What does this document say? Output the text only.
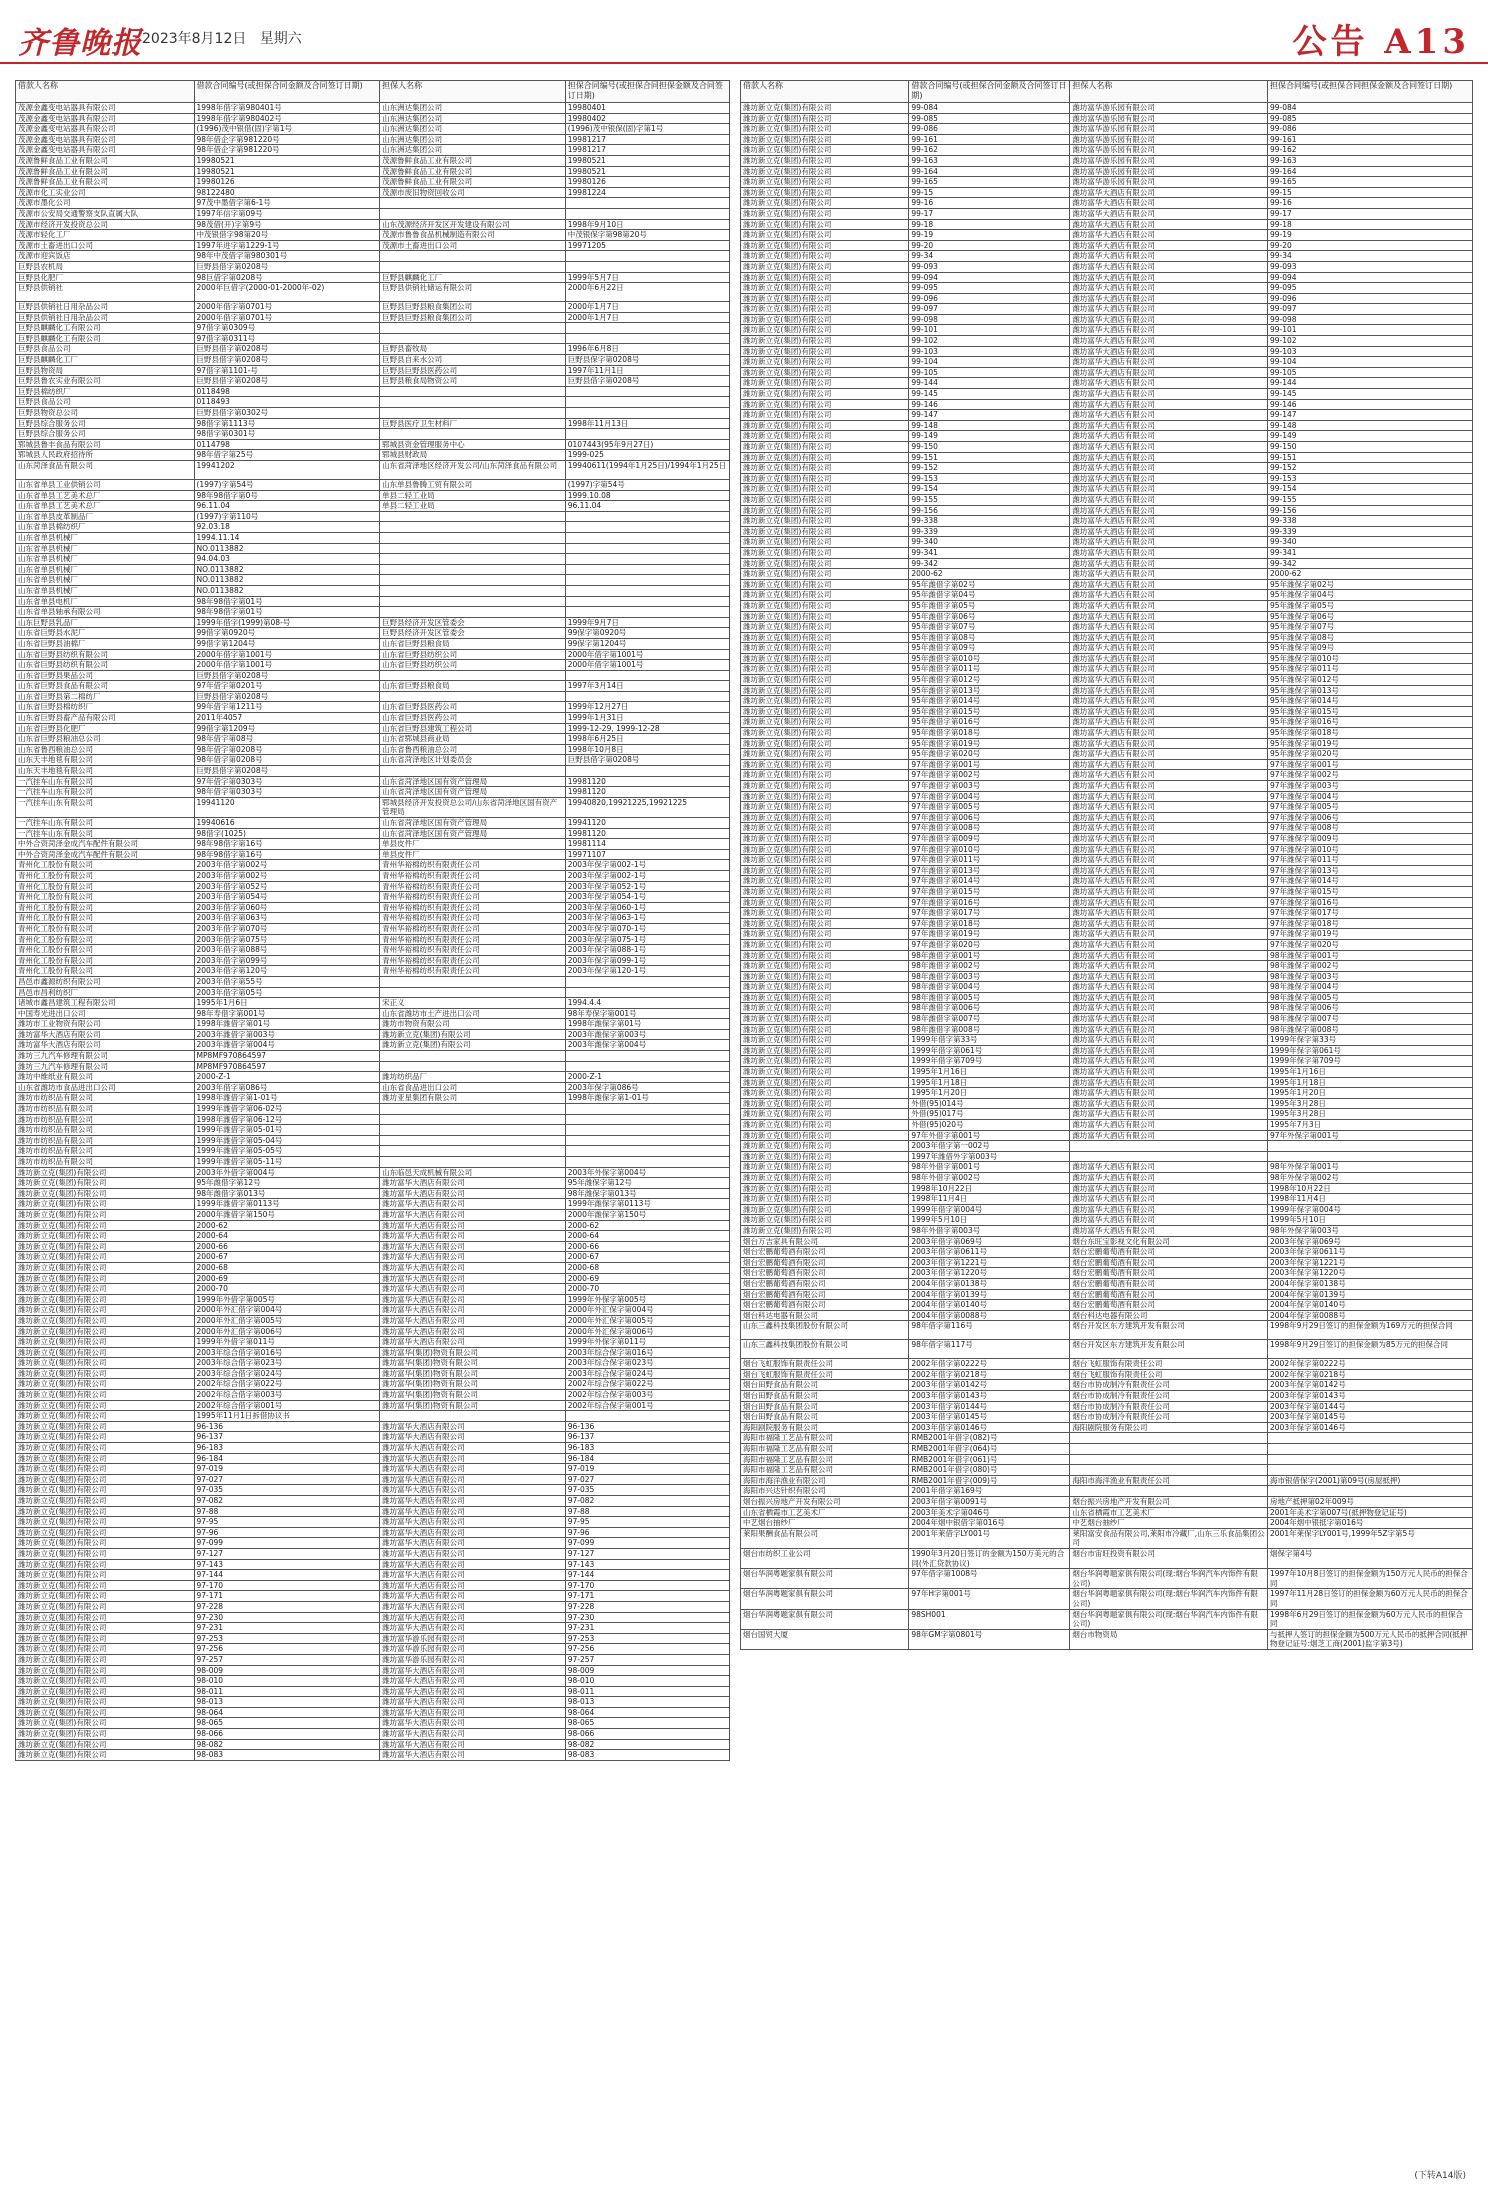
齐鲁晚报 2023年8月12日 星期六	公告 A13
借款人名称	借款合同编号(或担保合同金额及合同签订日期)	担保人名称	担保合同编号(或担保合同担保金额及合同签订日期)
茂源金鑫变电站器具有限公司	1998年借字第980401号	山东洲达集团公司	19980401
茂源金鑫变电站器具有限公司	1998年借字第980402号	山东洲达集团公司	19980402
茂源金鑫变电站器具有限公司	(1996)茂中银借(固)字第1号	山东洲达集团公司	(1996)茂中银保(固)字第1号
茂源金鑫变电站器具有限公司	98年借企字第981220号	山东洲达集团公司	19981217
茂源金鑫变电站器具有限公司	98年借企字第981220号	山东洲达集团公司	19981217
茂源鲁鲜食品工业有限公司	19980521	茂源鲁鲜食品工业有限公司	19980521
茂源鲁鲜食品工业有限公司	19980521	茂源鲁鲜食品工业有限公司	19980521
茂源鲁鲜食品工业有限公司	19980126	茂源鲁鲜食品工业有限公司	19980126
茂源市化工实业公司	98122480	茂源市废旧物资回收公司	19981224
茂源市墨化公司	97茂中墨借字第6-1号		
茂源市公安局交通警察支队直属大队	1997年信字第09号		
茂源市经济开发投资总公司	98茂借(开)字第9号	山东茂源经济开发区开发建设有限公司	1998年9月10日
茂源市轻化工厂	中茂银借字98第20号	茂源市鲁鲁食品机械制造有限公司	中茂银保字第98第20号
茂源市土畜进出口公司	1997年进字第1229-1号	茂源市土畜进出口公司	19971205
茂源市迎宾饭店	98年中茂借字第980301号		
巨野县农机局	巨野县借字第0208号		
巨野县化肥厂	98巨借字第0208号	巨野县麒麟化工厂	1999年5月7日
巨野县供销社	2000年巨借字(2000-01-2000年-02)	巨野县供销社储运有限公司	2000年6月22日
巨野县供销社日用杂品公司	2000年借字第0701号	巨野县巨野县粮食集团公司	2000年1月7日
巨野县供销社日用杂品公司	2000年借字第0701号	巨野县巨野县粮食集团公司	2000年1月7日
巨野县麒麟化工有限公司	97借字第0309号		
巨野县麒麟化工有限公司	97借字第0311号		
巨野县食品公司	巨野县借字第0208号	巨野县畜牧局	1996年6月8日
巨野县麒麟化工厂	巨野县借字第0208号	巨野县自来水公司	巨野县保字第0208号
巨野县物资局	97借字第1101-号	巨野县巨野县医药公司	1997年11月1日
巨野县鲁农实业有限公司	巨野县借字第0208号	巨野县粮食局物资公司	巨野县借字第0208号
巨野县棉纺织厂	0118498		
巨野县食品公司	0118493		
巨野县物资总公司	巨野县借字第0302号		
巨野县综合服务公司	98借字第1113号	巨野县医疗卫生材料厂	1998年11月13日
巨野县综合服务公司	98借字第0301号		
郓城县鲁丰食品有限公司	0114798	郓城县资金管理服务中心	0107443(95年9月27日)
郓城县人民政府招待所	98年借字第25号	郓城县财政局	1999-025
山东菏泽食品有限公司	19941202	山东省菏泽地区经济开发公司/山东菏泽食品有限公司	19940611(1994年1月25日)/1994年1月25日
山东省单县工业供销公司	(1997)字第54号	山东单县鲁腾工贸有限公司	(1997)字第54号
山东省单县工艺美术总厂	98年98借字第0号	单县二轻工业局	1999.10.08
山东省单县工艺美术总厂	96.11.04	单县二轻工业局	96.11.04
山东省单县皮革制品厂	(1997)字第110号		
山东省单县棉纺织厂	92.03.18		
山东省单县机械厂	1994.11.14		
山东省单县机械厂	NO.0113882		
山东省单县机械厂	94.04.03		
山东省单县机械厂	NO.0113882		
山东省单县机械厂	NO.0113882		
山东省单县机械厂	NO.0113882		
山东省单县电机厂	98年98借字第01号		
山东省单县轴承有限公司	98年98借字第01号		
山东巨野县乳品厂	1999年借字(1999)第08-号	巨野县经济开发区管委会	1999年9月7日
山东省巨野县水泥厂	99借字第0920号	巨野县经济开发区管委会	99保字第0920号
山东省巨野县油棉厂	99借字第1204号	山东省巨野县粮食局	99保字第1204号
山东省巨野县纺织有限公司	2000年借字第1001号	山东省巨野县纺织公司	2000年借字第1001号
山东省巨野县纺织有限公司	2000年借字第1001号	山东省巨野县纺织公司	2000年借字第1001号
山东省巨野县果品公司	巨野县借字第0208号		
山东省巨野县食品有限公司	97年借字第0201号	山东省巨野县粮食局	1997年3月14日
山东省巨野县第二棉纺厂	巨野县借字第0208号		
山东省巨野县棉纺织厂	99年借字第1211号	山东省巨野县医药公司	1999年12月27日
山东省巨野县畜产品有限公司	2011年4057	山东省巨野县医药公司	1999年1月31日
山东省巨野县化肥厂	99借字第1209号	山东省巨野县建筑工程公司	1999-12-29, 1999-12-28
山东省巨野县粮油总公司	98年借字第08号	山东省郓城县商业局	1998年6月25日
山东省鲁西粮油总公司	98年借字第0208号	山东省鲁西粮油总公司	1998年10月8日
山东天丰地毯有限公司	98年借字第0208号	山东省菏泽地区计划委员会	巨野县借字第0208号
山东天丰地毯有限公司	巨野县借字第0208号		
一汽挂车山东有限公司	97年借字第0303号	山东省菏泽地区国有资产管理局	19981120
一汽挂车山东有限公司	98年借字第0303号	山东省菏泽地区国有资产管理局	19981120
一汽挂车山东有限公司	19941120	郓城县经济开发投资总公司/山东省菏泽地区国有资产管理局	19940820,19921225,19921225
一汽挂车山东有限公司	19940616	山东省菏泽地区国有资产管理局	19941120
一汽挂车山东有限公司	98借字(1025)	山东省菏泽地区国有资产管理局	19981120
中外合资菏泽金成汽车配件有限公司	98年98借字第16号	单县皮件厂	19981114
中外合资菏泽金成汽车配件有限公司	98年98借字第16号	单县皮件厂	19971107
青州化工股份有限公司	2003年借字第002号	青州华裕棉纺织有限责任公司	2003年保字第002-1号
青州化工股份有限公司	2003年借字第002号	青州华裕棉纺织有限责任公司	2003年保字第002-1号
青州化工股份有限公司	2003年借字第052号	青州华裕棉纺织有限责任公司	2003年保字第052-1号
青州化工股份有限公司	2003年借字第054号	青州华裕棉纺织有限责任公司	2003年保字第054-1号
青州化工股份有限公司	2003年借字第060号	青州华裕棉纺织有限责任公司	2003年保字第060-1号
青州化工股份有限公司	2003年借字第063号	青州华裕棉纺织有限责任公司	2003年保字第063-1号
青州化工股份有限公司	2003年借字第070号	青州华裕棉纺织有限责任公司	2003年保字第070-1号
青州化工股份有限公司	2003年借字第075号	青州华裕棉纺织有限责任公司	2003年保字第075-1号
青州化工股份有限公司	2003年借字第088号	青州华裕棉纺织有限责任公司	2003年保字第088-1号
青州化工股份有限公司	2003年借字第099号	青州华裕棉纺织有限责任公司	2003年保字第099-1号
青州化工股份有限公司	2003年借字第120号	青州华裕棉纺织有限责任公司	2003年保字第120-1号
昌邑市鑫源纺织有限公司	2003年借字第55号		
昌邑市昌利纺织厂	2003年借字第05号		
诸城市鑫昌建筑工程有限公司	1995年1月6日	宋正义	1994.4.4
中国寿光进出口公司	98年寿借字第001号	山东省潍坊市土产进出口公司	98年寿保字第001号
潍坊市工业物资有限公司	1998年潍借字第01号	潍坊市物资有限公司	1998年潍保字第01号
潍坊富华大酒店有限公司	2003年潍借字第003号	潍坊新立克(集团)有限公司	2003年潍保字第003号
潍坊富华大酒店有限公司	2003年潍借字第004号	潍坊新立克(集团)有限公司	2003年潍保字第004号
潍坊三九汽车修理有限公司	MP8MF970864597		
潍坊三九汽车修理有限公司	MP8MF970864597		
潍坊中维纸业有限公司	2000-Z-1	潍坊纺织品厂	2000-Z-1
山东省潍坊市食品进出口公司	2003年借字第086号	山东省食品进出口公司	2003年保字第086号
潍坊市纺织品有限公司	1998年潍借字第1-01号	潍坊亚星集团有限公司	1998年潍保字第1-01号
潍坊市纺织品有限公司	1999年潍借字第06-02号		
潍坊市纺织品有限公司	1998年潍借字第06-12号		
潍坊市纺织品有限公司	1999年潍借字第05-01号		
潍坊市纺织品有限公司	1999年潍借字第05-04号		
潍坊市纺织品有限公司	1999年潍借字第05-05号		
潍坊市纺织品有限公司	1999年潍借字第05-11号		
潍坊新立克(集团)有限公司	2003年外借字第004号	山东临邑天成机械有限公司	2003年外保字第004号
潍坊新立克(集团)有限公司	95年潍借字第12号	潍坊富华大酒店有限公司	95年潍保字第12号
潍坊新立克(集团)有限公司	98年潍借字第013号	潍坊富华大酒店有限公司	98年潍保字第013号
潍坊新立克(集团)有限公司	1999年潍借字第0113号	潍坊富华大酒店有限公司	1999年潍保字第0113号
潍坊新立克(集团)有限公司	2000年潍借字第150号	潍坊富华大酒店有限公司	2000年潍保字第150号
潍坊新立克(集团)有限公司	2000-62	潍坊富华大酒店有限公司	2000-62
潍坊新立克(集团)有限公司	2000-64	潍坊富华大酒店有限公司	2000-64
潍坊新立克(集团)有限公司	2000-66	潍坊富华大酒店有限公司	2000-66
潍坊新立克(集团)有限公司	2000-67	潍坊富华大酒店有限公司	2000-67
潍坊新立克(集团)有限公司	2000-68	潍坊富华大酒店有限公司	2000-68
潍坊新立克(集团)有限公司	2000-69	潍坊富华大酒店有限公司	2000-69
潍坊新立克(集团)有限公司	2000-70	潍坊富华大酒店有限公司	2000-70
潍坊新立克(集团)有限公司	1999年外借字第005号	潍坊富华大酒店有限公司	1999年外保字第005号
潍坊新立克(集团)有限公司	2000年外汇借字第004号	潍坊富华大酒店有限公司	2000年外汇保字第004号
潍坊新立克(集团)有限公司	2000年外汇借字第005号	潍坊富华大酒店有限公司	2000年外汇保字第005号
潍坊新立克(集团)有限公司	2000年外汇借字第006号	潍坊富华大酒店有限公司	2000年外汇保字第006号
潍坊新立克(集团)有限公司	1999年外借字第011号	潍坊富华大酒店有限公司	1999年外保字第011号
潍坊新立克(集团)有限公司	2003年综合借字第016号	潍坊富华(集团)物资有限公司	2003年综合保字第016号
潍坊新立克(集团)有限公司	2003年综合借字第023号	潍坊富华(集团)物资有限公司	2003年综合保字第023号
潍坊新立克(集团)有限公司	2003年综合借字第024号	潍坊富华(集团)物资有限公司	2003年综合保字第024号
潍坊新立克(集团)有限公司	2002年综合借字第022号	潍坊富华(集团)物资有限公司	2002年综合保字第022号
潍坊新立克(集团)有限公司	2002年综合借字第003号	潍坊富华(集团)物资有限公司	2002年综合保字第003号
潍坊新立克(集团)有限公司	2002年综合借字第001号	潍坊富华(集团)物资有限公司	2002年综合保字第001号
潍坊新立克(集团)有限公司	1995年11月1日拆借协议书		
潍坊新立克(集团)有限公司	96-136	潍坊富华大酒店有限公司	96-136
潍坊新立克(集团)有限公司	96-137	潍坊富华大酒店有限公司	96-137
潍坊新立克(集团)有限公司	96-183	潍坊富华大酒店有限公司	96-183
潍坊新立克(集团)有限公司	96-184	潍坊富华大酒店有限公司	96-184
潍坊新立克(集团)有限公司	97-019	潍坊富华大酒店有限公司	97-019
潍坊新立克(集团)有限公司	97-027	潍坊富华大酒店有限公司	97-027
潍坊新立克(集团)有限公司	97-035	潍坊富华大酒店有限公司	97-035
潍坊新立克(集团)有限公司	97-082	潍坊富华大酒店有限公司	97-082
潍坊新立克(集团)有限公司	97-88	潍坊富华大酒店有限公司	97-88
潍坊新立克(集团)有限公司	97-95	潍坊富华大酒店有限公司	97-95
潍坊新立克(集团)有限公司	97-96	潍坊富华大酒店有限公司	97-96
潍坊新立克(集团)有限公司	97-099	潍坊富华大酒店有限公司	97-099
潍坊新立克(集团)有限公司	97-127	潍坊富华大酒店有限公司	97-127
潍坊新立克(集团)有限公司	97-143	潍坊富华大酒店有限公司	97-143
潍坊新立克(集团)有限公司	97-144	潍坊富华大酒店有限公司	97-144
潍坊新立克(集团)有限公司	97-170	潍坊富华大酒店有限公司	97-170
潍坊新立克(集团)有限公司	97-171	潍坊富华大酒店有限公司	97-171
潍坊新立克(集团)有限公司	97-228	潍坊富华大酒店有限公司	97-228
潍坊新立克(集团)有限公司	97-230	潍坊富华大酒店有限公司	97-230
潍坊新立克(集团)有限公司	97-231	潍坊富华大酒店有限公司	97-231
潍坊新立克(集团)有限公司	97-253	潍坊富华游乐园有限公司	97-253
潍坊新立克(集团)有限公司	97-256	潍坊富华游乐园有限公司	97-256
潍坊新立克(集团)有限公司	97-257	潍坊富华游乐园有限公司	97-257
潍坊新立克(集团)有限公司	98-009	潍坊富华大酒店有限公司	98-009
潍坊新立克(集团)有限公司	98-010	潍坊富华大酒店有限公司	98-010
潍坊新立克(集团)有限公司	98-011	潍坊富华大酒店有限公司	98-011
潍坊新立克(集团)有限公司	98-013	潍坊富华大酒店有限公司	98-013
潍坊新立克(集团)有限公司	98-064	潍坊富华大酒店有限公司	98-064
潍坊新立克(集团)有限公司	98-065	潍坊富华大酒店有限公司	98-065
潍坊新立克(集团)有限公司	98-066	潍坊富华大酒店有限公司	98-066
潍坊新立克(集团)有限公司	98-082	潍坊富华大酒店有限公司	98-082
潍坊新立克(集团)有限公司	98-083	潍坊富华大酒店有限公司	98-083
借款人名称	借款合同编号(或担保合同金额及合同签订日期)	担保人名称	担保合同编号(或担保合同担保金额及合同签订日期)
潍坊新立克(集团)有限公司	99-084	潍坊富华游乐园有限公司	99-084
潍坊新立克(集团)有限公司	99-085	潍坊富华游乐园有限公司	99-085
潍坊新立克(集团)有限公司	99-086	潍坊富华游乐园有限公司	99-086
潍坊新立克(集团)有限公司	99-161	潍坊富华游乐园有限公司	99-161
潍坊新立克(集团)有限公司	99-162	潍坊富华游乐园有限公司	99-162
潍坊新立克(集团)有限公司	99-163	潍坊富华游乐园有限公司	99-163
潍坊新立克(集团)有限公司	99-164	潍坊富华游乐园有限公司	99-164
潍坊新立克(集团)有限公司	99-165	潍坊富华游乐园有限公司	99-165
潍坊新立克(集团)有限公司	99-15	潍坊富华大酒店有限公司	99-15
潍坊新立克(集团)有限公司	99-16	潍坊富华大酒店有限公司	99-16
潍坊新立克(集团)有限公司	99-17	潍坊富华大酒店有限公司	99-17
潍坊新立克(集团)有限公司	99-18	潍坊富华大酒店有限公司	99-18
潍坊新立克(集团)有限公司	99-19	潍坊富华大酒店有限公司	99-19
潍坊新立克(集团)有限公司	99-20	潍坊富华大酒店有限公司	99-20
潍坊新立克(集团)有限公司	99-34	潍坊富华大酒店有限公司	99-34
潍坊新立克(集团)有限公司	99-093	潍坊富华大酒店有限公司	99-093
潍坊新立克(集团)有限公司	99-094	潍坊富华大酒店有限公司	99-094
潍坊新立克(集团)有限公司	99-095	潍坊富华大酒店有限公司	99-095
潍坊新立克(集团)有限公司	99-096	潍坊富华大酒店有限公司	99-096
潍坊新立克(集团)有限公司	99-097	潍坊富华大酒店有限公司	99-097
潍坊新立克(集团)有限公司	99-098	潍坊富华大酒店有限公司	99-098
潍坊新立克(集团)有限公司	99-101	潍坊富华大酒店有限公司	99-101
潍坊新立克(集团)有限公司	99-102	潍坊富华大酒店有限公司	99-102
潍坊新立克(集团)有限公司	99-103	潍坊富华大酒店有限公司	99-103
潍坊新立克(集团)有限公司	99-104	潍坊富华大酒店有限公司	99-104
潍坊新立克(集团)有限公司	99-105	潍坊富华大酒店有限公司	99-105
潍坊新立克(集团)有限公司	99-144	潍坊富华大酒店有限公司	99-144
潍坊新立克(集团)有限公司	99-145	潍坊富华大酒店有限公司	99-145
潍坊新立克(集团)有限公司	99-146	潍坊富华大酒店有限公司	99-146
潍坊新立克(集团)有限公司	99-147	潍坊富华大酒店有限公司	99-147
潍坊新立克(集团)有限公司	99-148	潍坊富华大酒店有限公司	99-148
潍坊新立克(集团)有限公司	99-149	潍坊富华大酒店有限公司	99-149
潍坊新立克(集团)有限公司	99-150	潍坊富华大酒店有限公司	99-150
潍坊新立克(集团)有限公司	99-151	潍坊富华大酒店有限公司	99-151
潍坊新立克(集团)有限公司	99-152	潍坊富华大酒店有限公司	99-152
潍坊新立克(集团)有限公司	99-153	潍坊富华大酒店有限公司	99-153
潍坊新立克(集团)有限公司	99-154	潍坊富华大酒店有限公司	99-154
潍坊新立克(集团)有限公司	99-155	潍坊富华大酒店有限公司	99-155
潍坊新立克(集团)有限公司	99-156	潍坊富华大酒店有限公司	99-156
潍坊新立克(集团)有限公司	99-338	潍坊富华大酒店有限公司	99-338
潍坊新立克(集团)有限公司	99-339	潍坊富华大酒店有限公司	99-339
潍坊新立克(集团)有限公司	99-340	潍坊富华大酒店有限公司	99-340
潍坊新立克(集团)有限公司	99-341	潍坊富华大酒店有限公司	99-341
潍坊新立克(集团)有限公司	99-342	潍坊富华大酒店有限公司	99-342
潍坊新立克(集团)有限公司	2000-62	潍坊富华大酒店有限公司	2000-62
潍坊新立克(集团)有限公司	95年潍借字第02号	潍坊富华大酒店有限公司	95年潍保字第02号
潍坊新立克(集团)有限公司	95年潍借字第04号	潍坊富华大酒店有限公司	95年潍保字第04号
潍坊新立克(集团)有限公司	95年潍借字第05号	潍坊富华大酒店有限公司	95年潍保字第05号
潍坊新立克(集团)有限公司	95年潍借字第06号	潍坊富华大酒店有限公司	95年潍保字第06号
潍坊新立克(集团)有限公司	95年潍借字第07号	潍坊富华大酒店有限公司	95年潍保字第07号
潍坊新立克(集团)有限公司	95年潍借字第08号	潍坊富华大酒店有限公司	95年潍保字第08号
潍坊新立克(集团)有限公司	95年潍借字第09号	潍坊富华大酒店有限公司	95年潍保字第09号
潍坊新立克(集团)有限公司	95年潍借字第010号	潍坊富华大酒店有限公司	95年潍保字第010号
潍坊新立克(集团)有限公司	95年潍借字第011号	潍坊富华大酒店有限公司	95年潍保字第011号
潍坊新立克(集团)有限公司	95年潍借字第012号	潍坊富华大酒店有限公司	95年潍保字第012号
潍坊新立克(集团)有限公司	95年潍借字第013号	潍坊富华大酒店有限公司	95年潍保字第013号
潍坊新立克(集团)有限公司	95年潍借字第014号	潍坊富华大酒店有限公司	95年潍保字第014号
潍坊新立克(集团)有限公司	95年潍借字第015号	潍坊富华大酒店有限公司	95年潍保字第015号
潍坊新立克(集团)有限公司	95年潍借字第016号	潍坊富华大酒店有限公司	95年潍保字第016号
潍坊新立克(集团)有限公司	95年潍借字第018号	潍坊富华大酒店有限公司	95年潍保字第018号
潍坊新立克(集团)有限公司	95年潍借字第019号	潍坊富华大酒店有限公司	95年潍保字第019号
潍坊新立克(集团)有限公司	95年潍借字第020号	潍坊富华大酒店有限公司	95年潍保字第020号
潍坊新立克(集团)有限公司	97年潍借字第001号	潍坊富华大酒店有限公司	97年潍保字第001号
潍坊新立克(集团)有限公司	97年潍借字第002号	潍坊富华大酒店有限公司	97年潍保字第002号
潍坊新立克(集团)有限公司	97年潍借字第003号	潍坊富华大酒店有限公司	97年潍保字第003号
潍坊新立克(集团)有限公司	97年潍借字第004号	潍坊富华大酒店有限公司	97年潍保字第004号
潍坊新立克(集团)有限公司	97年潍借字第005号	潍坊富华大酒店有限公司	97年潍保字第005号
潍坊新立克(集团)有限公司	97年潍借字第006号	潍坊富华大酒店有限公司	97年潍保字第006号
潍坊新立克(集团)有限公司	97年潍借字第008号	潍坊富华大酒店有限公司	97年潍保字第008号
潍坊新立克(集团)有限公司	97年潍借字第009号	潍坊富华大酒店有限公司	97年潍保字第009号
潍坊新立克(集团)有限公司	97年潍借字第010号	潍坊富华大酒店有限公司	97年潍保字第010号
潍坊新立克(集团)有限公司	97年潍借字第011号	潍坊富华大酒店有限公司	97年潍保字第011号
潍坊新立克(集团)有限公司	97年潍借字第013号	潍坊富华大酒店有限公司	97年潍保字第013号
潍坊新立克(集团)有限公司	97年潍借字第014号	潍坊富华大酒店有限公司	97年潍保字第014号
潍坊新立克(集团)有限公司	97年潍借字第015号	潍坊富华大酒店有限公司	97年潍保字第015号
潍坊新立克(集团)有限公司	97年潍借字第016号	潍坊富华大酒店有限公司	97年潍保字第016号
潍坊新立克(集团)有限公司	97年潍借字第017号	潍坊富华大酒店有限公司	97年潍保字第017号
潍坊新立克(集团)有限公司	97年潍借字第018号	潍坊富华大酒店有限公司	97年潍保字第018号
潍坊新立克(集团)有限公司	97年潍借字第019号	潍坊富华大酒店有限公司	97年潍保字第019号
潍坊新立克(集团)有限公司	97年潍借字第020号	潍坊富华大酒店有限公司	97年潍保字第020号
潍坊新立克(集团)有限公司	98年潍借字第001号	潍坊富华大酒店有限公司	98年潍保字第001号
潍坊新立克(集团)有限公司	98年潍借字第002号	潍坊富华大酒店有限公司	98年潍保字第002号
潍坊新立克(集团)有限公司	98年潍借字第003号	潍坊富华大酒店有限公司	98年潍保字第003号
潍坊新立克(集团)有限公司	98年潍借字第004号	潍坊富华大酒店有限公司	98年潍保字第004号
潍坊新立克(集团)有限公司	98年潍借字第005号	潍坊富华大酒店有限公司	98年潍保字第005号
潍坊新立克(集团)有限公司	98年潍借字第006号	潍坊富华大酒店有限公司	98年潍保字第006号
潍坊新立克(集团)有限公司	98年潍借字第007号	潍坊富华大酒店有限公司	98年潍保字第007号
潍坊新立克(集团)有限公司	98年潍借字第008号	潍坊富华大酒店有限公司	98年潍保字第008号
潍坊新立克(集团)有限公司	1999年借字第33号	潍坊富华大酒店有限公司	1999年保字第33号
潍坊新立克(集团)有限公司	1999年借字第061号	潍坊富华大酒店有限公司	1999年保字第061号
潍坊新立克(集团)有限公司	1999年借字第709号	潍坊富华大酒店有限公司	1999年保字第709号
潍坊新立克(集团)有限公司	1995年1月16日	潍坊富华大酒店有限公司	1995年1月16日
潍坊新立克(集团)有限公司	1995年1月18日	潍坊富华大酒店有限公司	1995年1月18日
潍坊新立克(集团)有限公司	1995年1月20日	潍坊富华大酒店有限公司	1995年1月20日
潍坊新立克(集团)有限公司	外借(95)014号	潍坊富华大酒店有限公司	1995年3月28日
潍坊新立克(集团)有限公司	外借(95)017号	潍坊富华大酒店有限公司	1995年3月28日
潍坊新立克(集团)有限公司	外借(95)020号	潍坊富华大酒店有限公司	1995年7月3日
潍坊新立克(集团)有限公司	97年外借字第001号	潍坊富华大酒店有限公司	97年外保字第001号
潍坊新立克(集团)有限公司	2003年借字第一002号		
潍坊新立克(集团)有限公司	1997年潍借外字第003号		
潍坊新立克(集团)有限公司	98年外借字第001号	潍坊富华大酒店有限公司	98年外保字第001号
潍坊新立克(集团)有限公司	98年外借字第002号	潍坊富华大酒店有限公司	98年外保字第002号
潍坊新立克(集团)有限公司	1998年10月22日	潍坊富华大酒店有限公司	1998年10月22日
潍坊新立克(集团)有限公司	1998年11月4日	潍坊富华大酒店有限公司	1998年11月4日
潍坊新立克(集团)有限公司	1999年借字第004号	潍坊富华大酒店有限公司	1999年保字第004号
潍坊新立克(集团)有限公司	1999年5月10日	潍坊富华大酒店有限公司	1999年5月10日
潍坊新立克(集团)有限公司	98年外借字第003号	潍坊富华大酒店有限公司	98年外保字第003号
烟台万吉家具有限公司	2003年借字第069号	烟台东旺宝影视文化有限公司	2003年保字第069号
烟台宏鹏葡萄酒有限公司	2003年借字第0611号	烟台宏鹏葡萄酒有限公司	2003年保字第0611号
烟台宏鹏葡萄酒有限公司	2003年借字第1221号	烟台宏鹏葡萄酒有限公司	2003年保字第1221号
烟台宏鹏葡萄酒有限公司	2003年借字第1220号	烟台宏鹏葡萄酒有限公司	2003年保字第1220号
烟台宏鹏葡萄酒有限公司	2004年借字第0138号	烟台宏鹏葡萄酒有限公司	2004年保字第0138号
烟台宏鹏葡萄酒有限公司	2004年借字第0139号	烟台宏鹏葡萄酒有限公司	2004年保字第0139号
烟台宏鹏葡萄酒有限公司	2004年借字第0140号	烟台宏鹏葡萄酒有限公司	2004年保字第0140号
烟台科达电器有限公司	2004年借字第0088号	烟台科达电器有限公司	2004年保字第0088号
山东三鑫科技集团股份有限公司	98年借字第116号	烟台开发区东方建筑开发有限公司	1998年9月29日签订的担保金额为169万元的担保合同
山东三鑫科技集团股份有限公司	98年借字第117号	烟台开发区东方建筑开发有限公司	1998年9月29日签订的担保金额为85万元的担保合同
烟台飞虹服饰有限责任公司	2002年借字第0222号	烟台飞虹服饰有限责任公司	2002年保字第0222号
烟台飞虹服饰有限责任公司	2002年借字第0218号	烟台飞虹服饰有限责任公司	2002年保字第0218号
烟台田野食品有限公司	2003年借字第0142号	烟台市协成制冷有限责任公司	2003年保字第0142号
烟台田野食品有限公司	2003年借字第0143号	烟台市协成制冷有限责任公司	2003年保字第0143号
烟台田野食品有限公司	2003年借字第0144号	烟台市协成制冷有限责任公司	2003年保字第0144号
烟台田野食品有限公司	2003年借字第0145号	烟台市协成制冷有限责任公司	2003年保字第0145号
海阳剧院服务有限公司	2003年借字第0146号	海阳剧院服务有限公司	2003年保字第0146号
海阳市福隆工艺品有限公司	RMB2001年借字(082)号		
海阳市福隆工艺品有限公司	RMB2001年借字(064)号		
海阳市福隆工艺品有限公司	RMB2001年借字(061)号		
海阳市福隆工艺品有限公司	RMB2001年借字(080)号		
海阳市海洋渔业有限公司	RMB2001年借字(009)号	海阳市海洋渔业有限责任公司	海市银借保字(2001)第09号(房屋抵押)
海阳市兴达针织有限公司	2001年借字第169号		
烟台振兴房地产开发有限公司	2003年借字第0091号	烟台振兴房地产开发有限公司	房地产抵押第02年009号
山东省栖霞市工艺美术厂	2003年美术字第046号	山东省栖霞市工艺美术厂	2001年美术字第007号(抵押物登记证号)
中艺烟台抽纱厂	2004年烟中银借字第016号	中艺烟台抽纱厂	2004年烟中银抵字第016号
莱阳果酬食品有限公司	2001年莱借字LY001号	莱阳富安食品有限公司,莱阳市冷藏厂,山东三乐食品集团公司	2001年莱保字LY001号,1999年5Z字第5号
烟台市纺织工业公司	1990年3月20日签订的金额为150万美元的合同(外汇贷款协议)	烟台市宙旺投资有限公司	烟保字第4号
烟台华润粤题家俱有限公司	97年借字第1008号	烟台华润粤题家俱有限公司(现:烟台华润汽车内饰件有限公司)	1997年10月8日签订的担保金额为150万元人民币的担保合同
烟台华润粤题家俱有限公司	97年H字第001号	烟台华润粤题家俱有限公司(现:烟台华润汽车内饰件有限公司)	1997年11月28日签订的担保金额为60万元人民币的担保合同
烟台华润粤题家俱有限公司	98SH001	烟台华润粤题家俱有限公司(现:烟台华润汽车内饰件有限公司)	1998年6月29日签订的担保金额为60万元人民币的担保合同
烟台国贸大厦	98年GM字第0801号	烟台市物资局	与抵押人签订的担保金额为500万元人民币的抵押合同(抵押物登记证号:烟芝工商(2001)监字第3号)
(下转A14版)
